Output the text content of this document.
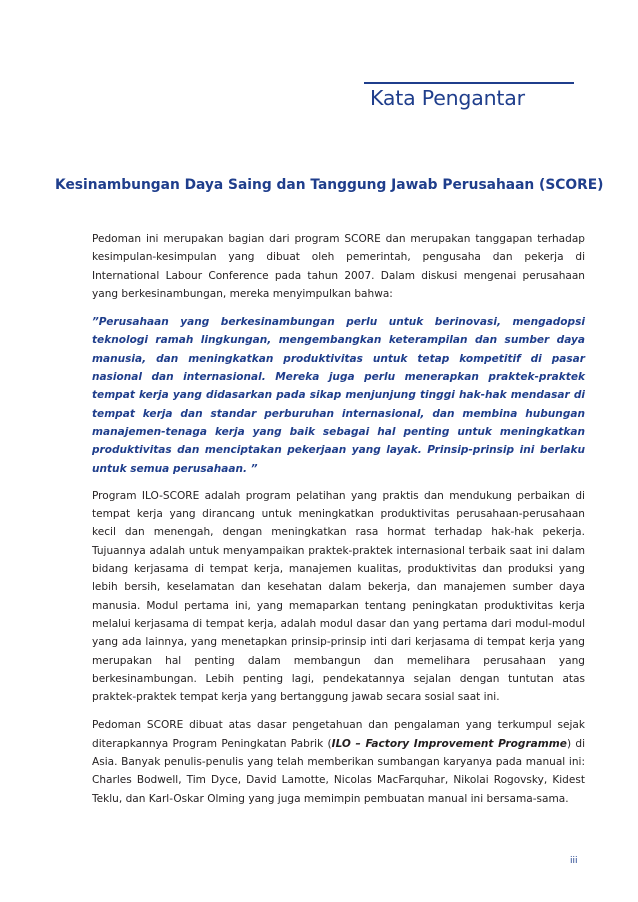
Kata Pengantar
Kesinambungan Daya Saing dan Tanggung Jawab Perusahaan (SCORE)

Pedoman ini merupakan bagian dari program SCORE dan merupakan tanggapan terhadap kesimpulan-kesimpulan yang dibuat oleh pemerintah, pengusaha dan pekerja di International Labour Conference pada tahun 2007. Dalam diskusi mengenai perusahaan yang berkesinambungan, mereka menyimpulkan bahwa:

”Perusahaan yang berkesinambungan perlu untuk berinovasi, mengadopsi teknologi ramah lingkungan, mengembangkan keterampilan dan sumber daya manusia, dan meningkatkan produktivitas untuk tetap kompetitif di pasar nasional dan internasional. Mereka juga perlu menerapkan praktek-praktek tempat kerja yang didasarkan pada sikap menjunjung tinggi hak-hak mendasar di tempat kerja dan standar perburuhan internasional, dan membina hubungan manajemen-tenaga kerja yang baik sebagai hal penting untuk meningkatkan produktivitas dan menciptakan pekerjaan yang layak. Prinsip-prinsip ini berlaku untuk semua perusahaan. ”

Program ILO-SCORE adalah program pelatihan yang praktis dan mendukung perbaikan di tempat kerja yang dirancang untuk meningkatkan produktivitas perusahaan-perusahaan kecil dan menengah, dengan meningkatkan rasa hormat terhadap hak-hak pekerja. Tujuannya adalah untuk menyampaikan praktek-praktek internasional terbaik saat ini dalam bidang kerjasama di tempat kerja, manajemen kualitas, produktivitas dan produksi yang lebih bersih, keselamatan dan kesehatan dalam bekerja, dan manajemen sumber daya manusia. Modul pertama ini, yang memaparkan tentang peningkatan produktivitas kerja melalui kerjasama di tempat kerja, adalah modul dasar dan yang pertama dari modul-modul yang ada lainnya, yang menetapkan prinsip-prinsip inti dari kerjasama di tempat kerja yang merupakan hal penting dalam membangun dan memelihara perusahaan yang berkesinambungan. Lebih penting lagi, pendekatannya sejalan dengan tuntutan atas praktek-praktek tempat kerja yang bertanggung jawab secara sosial saat ini.

Pedoman SCORE dibuat atas dasar pengetahuan dan pengalaman yang terkumpul sejak diterapkannya Program Peningkatan Pabrik (ILO – Factory Improvement Programme) di Asia. Banyak penulis-penulis yang telah memberikan sumbangan karyanya pada manual ini: Charles Bodwell, Tim Dyce, David Lamotte, Nicolas MacFarquhar, Nikolai Rogovsky, Kidest Teklu, dan Karl-Oskar Olming yang juga memimpin pembuatan manual ini bersama-sama.

iii
